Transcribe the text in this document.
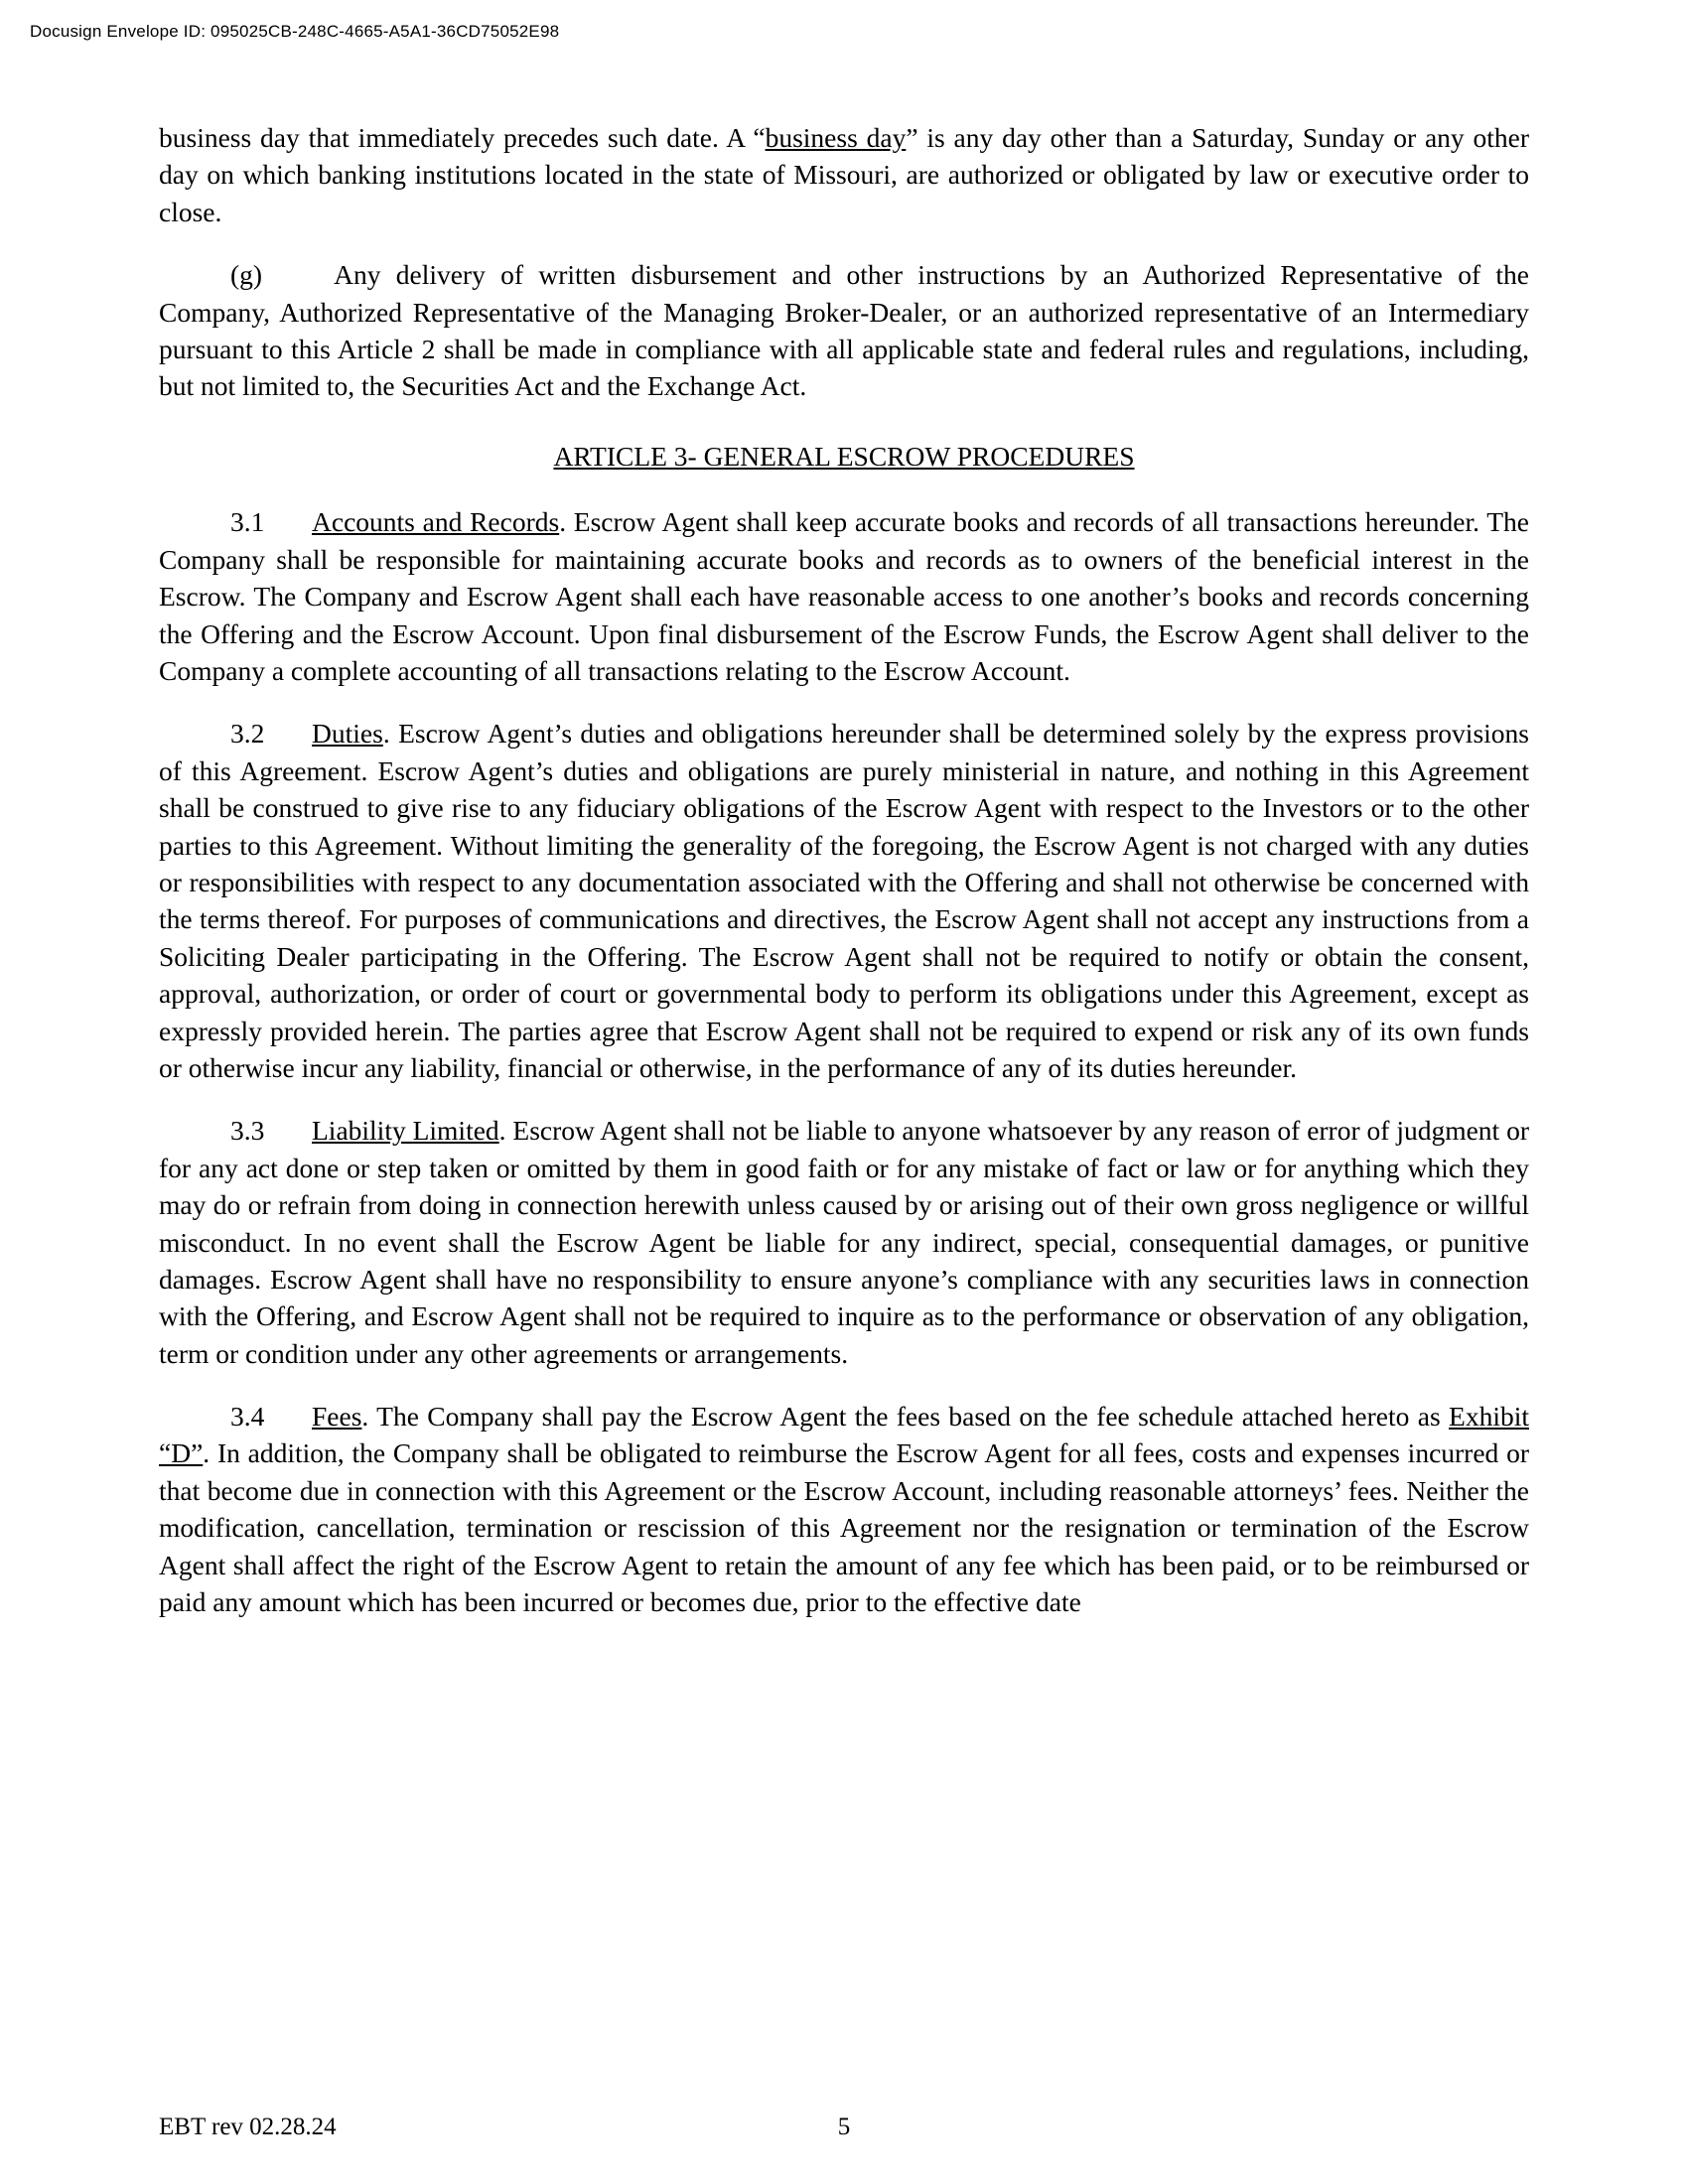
Docusign Envelope ID: 095025CB-248C-4665-A5A1-36CD75052E98

business day that immediately precedes such date. A “business day” is any day other than a Saturday, Sunday or any other day on which banking institutions located in the state of Missouri, are authorized or obligated by law or executive order to close.

(g)	Any delivery of written disbursement and other instructions by an Authorized Representative of the Company, Authorized Representative of the Managing Broker-Dealer, or an authorized representative of an Intermediary pursuant to this Article 2 shall be made in compliance with all applicable state and federal rules and regulations, including, but not limited to, the Securities Act and the Exchange Act.

ARTICLE 3- GENERAL ESCROW PROCEDURES

3.1 Accounts and Records. Escrow Agent shall keep accurate books and records of all transactions hereunder. The Company shall be responsible for maintaining accurate books and records as to owners of the beneficial interest in the Escrow. The Company and Escrow Agent shall each have reasonable access to one another’s books and records concerning the Offering and the Escrow Account. Upon final disbursement of the Escrow Funds, the Escrow Agent shall deliver to the Company a complete accounting of all transactions relating to the Escrow Account.

3.2 Duties. Escrow Agent’s duties and obligations hereunder shall be determined solely by the express provisions of this Agreement. Escrow Agent’s duties and obligations are purely ministerial in nature, and nothing in this Agreement shall be construed to give rise to any fiduciary obligations of the Escrow Agent with respect to the Investors or to the other parties to this Agreement. Without limiting the generality of the foregoing, the Escrow Agent is not charged with any duties or responsibilities with respect to any documentation associated with the Offering and shall not otherwise be concerned with the terms thereof. For purposes of communications and directives, the Escrow Agent shall not accept any instructions from a Soliciting Dealer participating in the Offering. The Escrow Agent shall not be required to notify or obtain the consent, approval, authorization, or order of court or governmental body to perform its obligations under this Agreement, except as expressly provided herein. The parties agree that Escrow Agent shall not be required to expend or risk any of its own funds or otherwise incur any liability, financial or otherwise, in the performance of any of its duties hereunder.

3.3 Liability Limited. Escrow Agent shall not be liable to anyone whatsoever by any reason of error of judgment or for any act done or step taken or omitted by them in good faith or for any mistake of fact or law or for anything which they may do or refrain from doing in connection herewith unless caused by or arising out of their own gross negligence or willful misconduct. In no event shall the Escrow Agent be liable for any indirect, special, consequential damages, or punitive damages. Escrow Agent shall have no responsibility to ensure anyone’s compliance with any securities laws in connection with the Offering, and Escrow Agent shall not be required to inquire as to the performance or observation of any obligation, term or condition under any other agreements or arrangements.

3.4 Fees. The Company shall pay the Escrow Agent the fees based on the fee schedule attached hereto as Exhibit “D”. In addition, the Company shall be obligated to reimburse the Escrow Agent for all fees, costs and expenses incurred or that become due in connection with this Agreement or the Escrow Account, including reasonable attorneys’ fees. Neither the modification, cancellation, termination or rescission of this Agreement nor the resignation or termination of the Escrow Agent shall affect the right of the Escrow Agent to retain the amount of any fee which has been paid, or to be reimbursed or paid any amount which has been incurred or becomes due, prior to the effective date

EBT rev 02.28.24	5
